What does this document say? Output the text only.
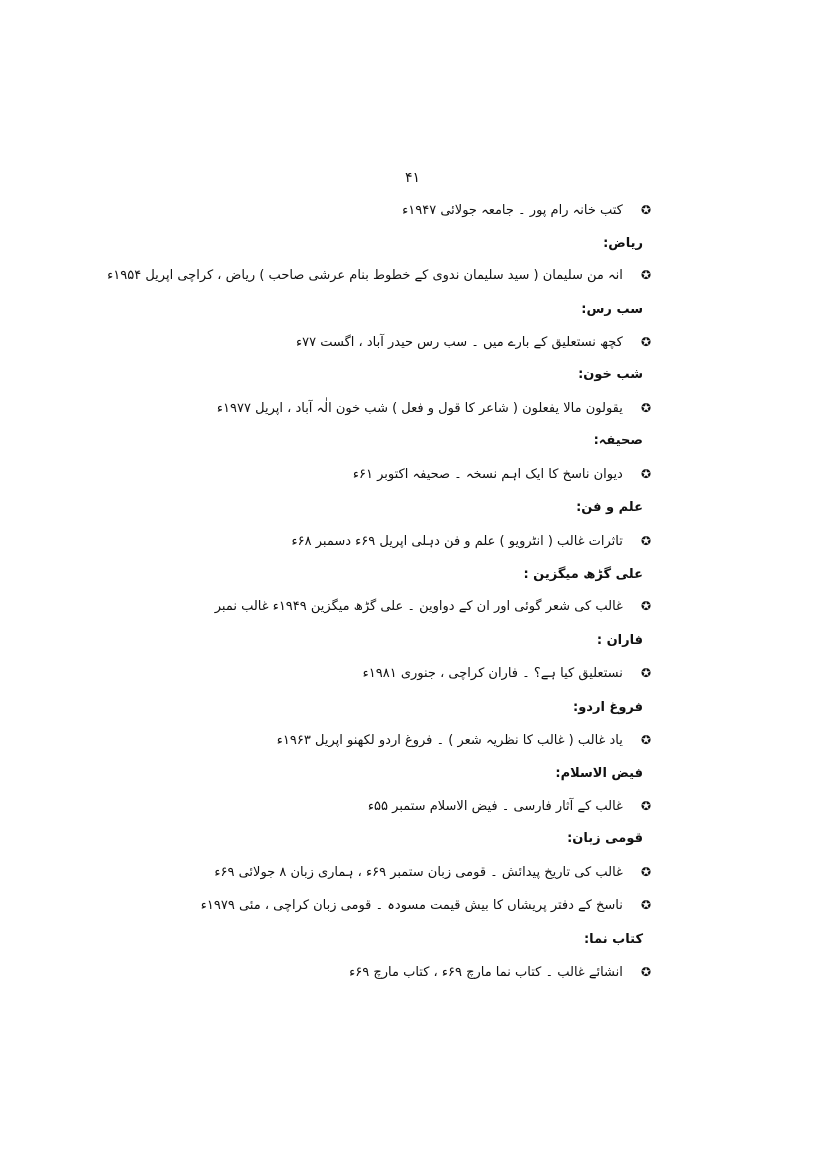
۴۱
✪ کتب خانہ رام پور ۔ جامعہ جولائی ۱۹۴۷ء
ریاض:
✪ انہ من سلیمان ( سید سلیمان ندوی کے خطوط بنام عرشی صاحب ) ریاض ، کراچی اپریل ۱۹۵۴ء
سب رس:
✪ کچھ نستعلیق کے بارے میں ۔ سب رس حیدر آباد ، اگست ۷۷ء
شب خون:
✪ یقولون مالا یفعلون ( شاعر کا قول و فعل ) شب خون الٰہ آباد ، اپریل ۱۹۷۷ء
صحیفہ:
✪ دیوان ناسخ کا ایک اہم نسخہ ۔ صحیفہ اکتوبر ۶۱ء
علم و فن:
✪ تاثرات غالب ( انٹرویو ) علم و فن دہلی اپریل ۶۹ء دسمبر ۶۸ء
علی گڑھ میگزین :
✪ غالب کی شعر گوئی اور ان کے دواوین ۔ علی گڑھ میگزین ۱۹۴۹ء غالب نمبر
فاران :
✪ نستعلیق کیا ہے؟ ۔ فاران کراچی ، جنوری ۱۹۸۱ء
فروغ اردو:
✪ یاد غالب ( غالب کا نظریہ شعر ) ۔ فروغ اردو لکھنو اپریل ۱۹۶۳ء
فیض الاسلام:
✪ غالب کے آثار فارسی ۔ فیض الاسلام ستمبر ۵۵ء
قومی زبان:
✪ غالب کی تاریخ پیدائش ۔ قومی زبان ستمبر ۶۹ء ، ہماری زبان ۸ جولائی ۶۹ء
✪ ناسخ کے دفتر پریشاں کا بیش قیمت مسودہ ۔ قومی زبان کراچی ، مئی ۱۹۷۹ء
کتاب نما:
✪ انشائے غالب ۔ کتاب نما مارچ ۶۹ء ، کتاب مارچ ۶۹ء
